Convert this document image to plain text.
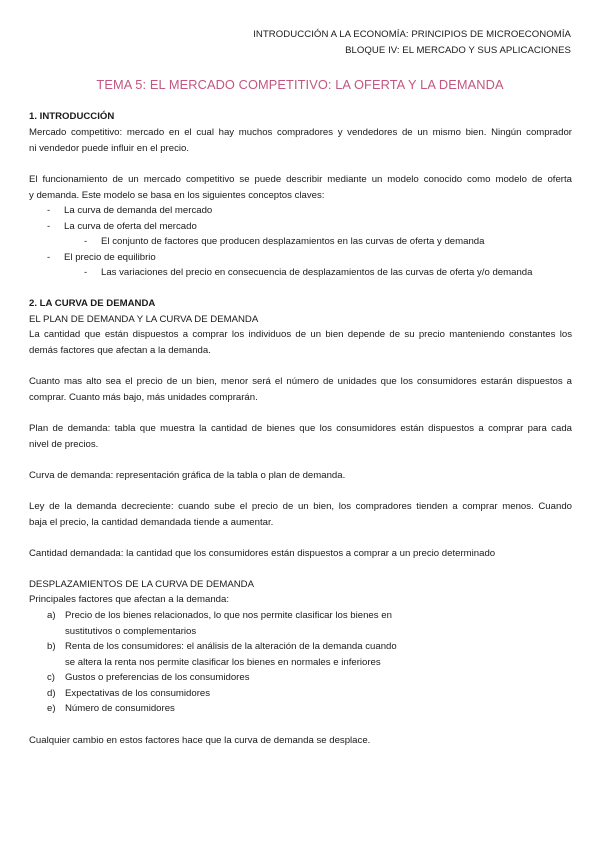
INTRODUCCIÓN A LA ECONOMÍA: PRINCIPIOS DE MICROECONOMÍA
BLOQUE IV: EL MERCADO Y SUS APLICACIONES
TEMA 5: EL MERCADO COMPETITIVO: LA OFERTA Y LA DEMANDA
1. INTRODUCCIÓN
Mercado competitivo: mercado en el cual hay muchos compradores y vendedores de un mismo bien. Ningún comprador
ni vendedor puede influir en el precio.
El funcionamiento de un mercado competitivo se puede describir mediante un modelo conocido como modelo de oferta
y demanda. Este modelo se basa en los siguientes conceptos claves:
- La curva de demanda del mercado
- La curva de oferta del mercado
- El conjunto de factores que producen desplazamientos en las curvas de oferta y demanda
- El precio de equilibrio
- Las variaciones del precio en consecuencia de desplazamientos de las curvas de oferta y/o demanda
2. LA CURVA DE DEMANDA
EL PLAN DE DEMANDA Y LA CURVA DE DEMANDA
La cantidad que están dispuestos a comprar los individuos de un bien depende de su precio manteniendo constantes los
demás factores que afectan a la demanda.
Cuanto mas alto sea el precio de un bien, menor será el número de unidades que los consumidores estarán dispuestos a
comprar. Cuanto más bajo, más unidades comprarán.
Plan de demanda: tabla que muestra la cantidad de bienes que los consumidores están dispuestos a comprar para cada
nivel de precios.
Curva de demanda: representación gráfica de la tabla o plan de demanda.
Ley de la demanda decreciente: cuando sube el precio de un bien, los compradores tienden a comprar menos. Cuando
baja el precio, la cantidad demandada tiende a aumentar.
Cantidad demandada: la cantidad que los consumidores están dispuestos a comprar a un precio determinado
DESPLAZAMIENTOS DE LA CURVA DE DEMANDA
Principales factores que afectan a la demanda:
a) Precio de los bienes relacionados, lo que nos permite clasificar los bienes en
sustitutivos o complementarios
b) Renta de los consumidores: el análisis de la alteración de la demanda cuando
se altera la renta nos permite clasificar los bienes en normales e inferiores
c) Gustos o preferencias de los consumidores
d) Expectativas de los consumidores
e) Número de consumidores
Cualquier cambio en estos factores hace que la curva de demanda se desplace.
